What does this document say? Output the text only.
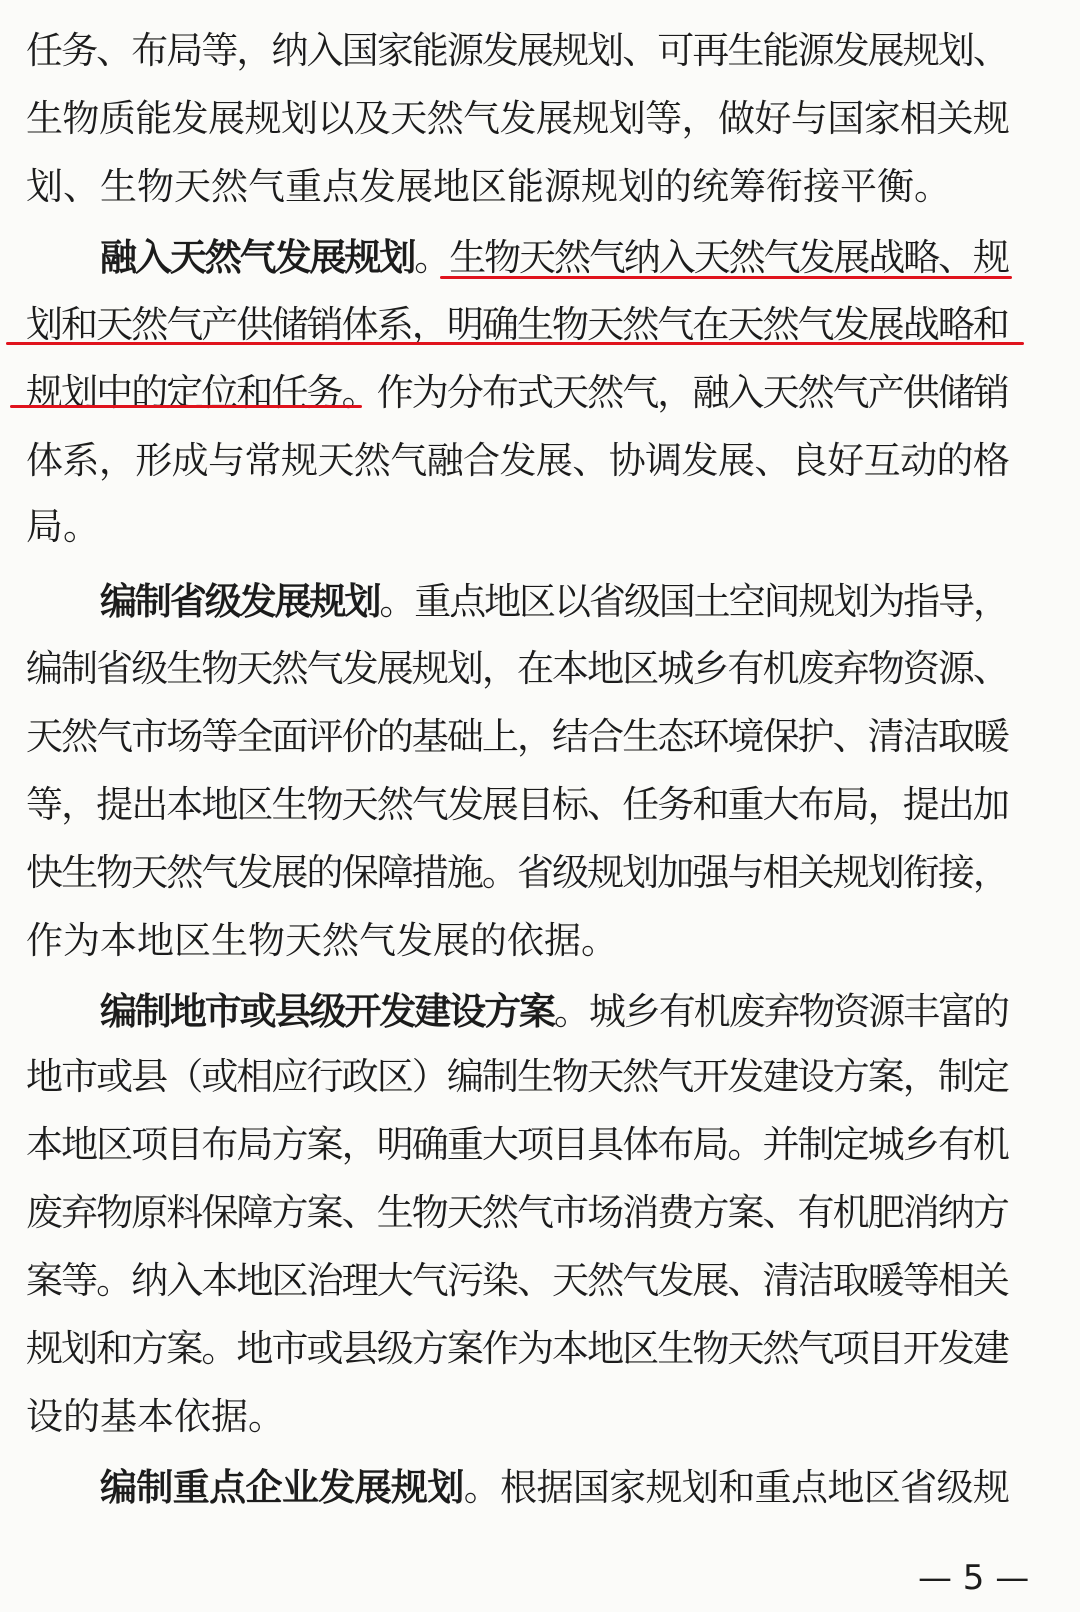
任务、布局等，纳入国家能源发展规划、可再生能源发展规划、
生物质能发展规划以及天然气发展规划等，做好与国家相关规
划、生物天然气重点发展地区能源规划的统筹衔接平衡。
融入天然气发展规划。生物天然气纳入天然气发展战略、规
划和天然气产供储销体系，明确生物天然气在天然气发展战略和
规划中的定位和任务。作为分布式天然气，融入天然气产供储销
体系，形成与常规天然气融合发展、协调发展、良好互动的格
局。
编制省级发展规划。重点地区以省级国土空间规划为指导，
编制省级生物天然气发展规划，在本地区城乡有机废弃物资源、
天然气市场等全面评价的基础上，结合生态环境保护、清洁取暖
等，提出本地区生物天然气发展目标、任务和重大布局，提出加
快生物天然气发展的保障措施。省级规划加强与相关规划衔接，
作为本地区生物天然气发展的依据。
编制地市或县级开发建设方案。城乡有机废弃物资源丰富的
地市或县（或相应行政区）编制生物天然气开发建设方案，制定
本地区项目布局方案，明确重大项目具体布局。并制定城乡有机
废弃物原料保障方案、生物天然气市场消费方案、有机肥消纳方
案等。纳入本地区治理大气污染、天然气发展、清洁取暖等相关
规划和方案。地市或县级方案作为本地区生物天然气项目开发建
设的基本依据。
编制重点企业发展规划。根据国家规划和重点地区省级规
— 5 —
